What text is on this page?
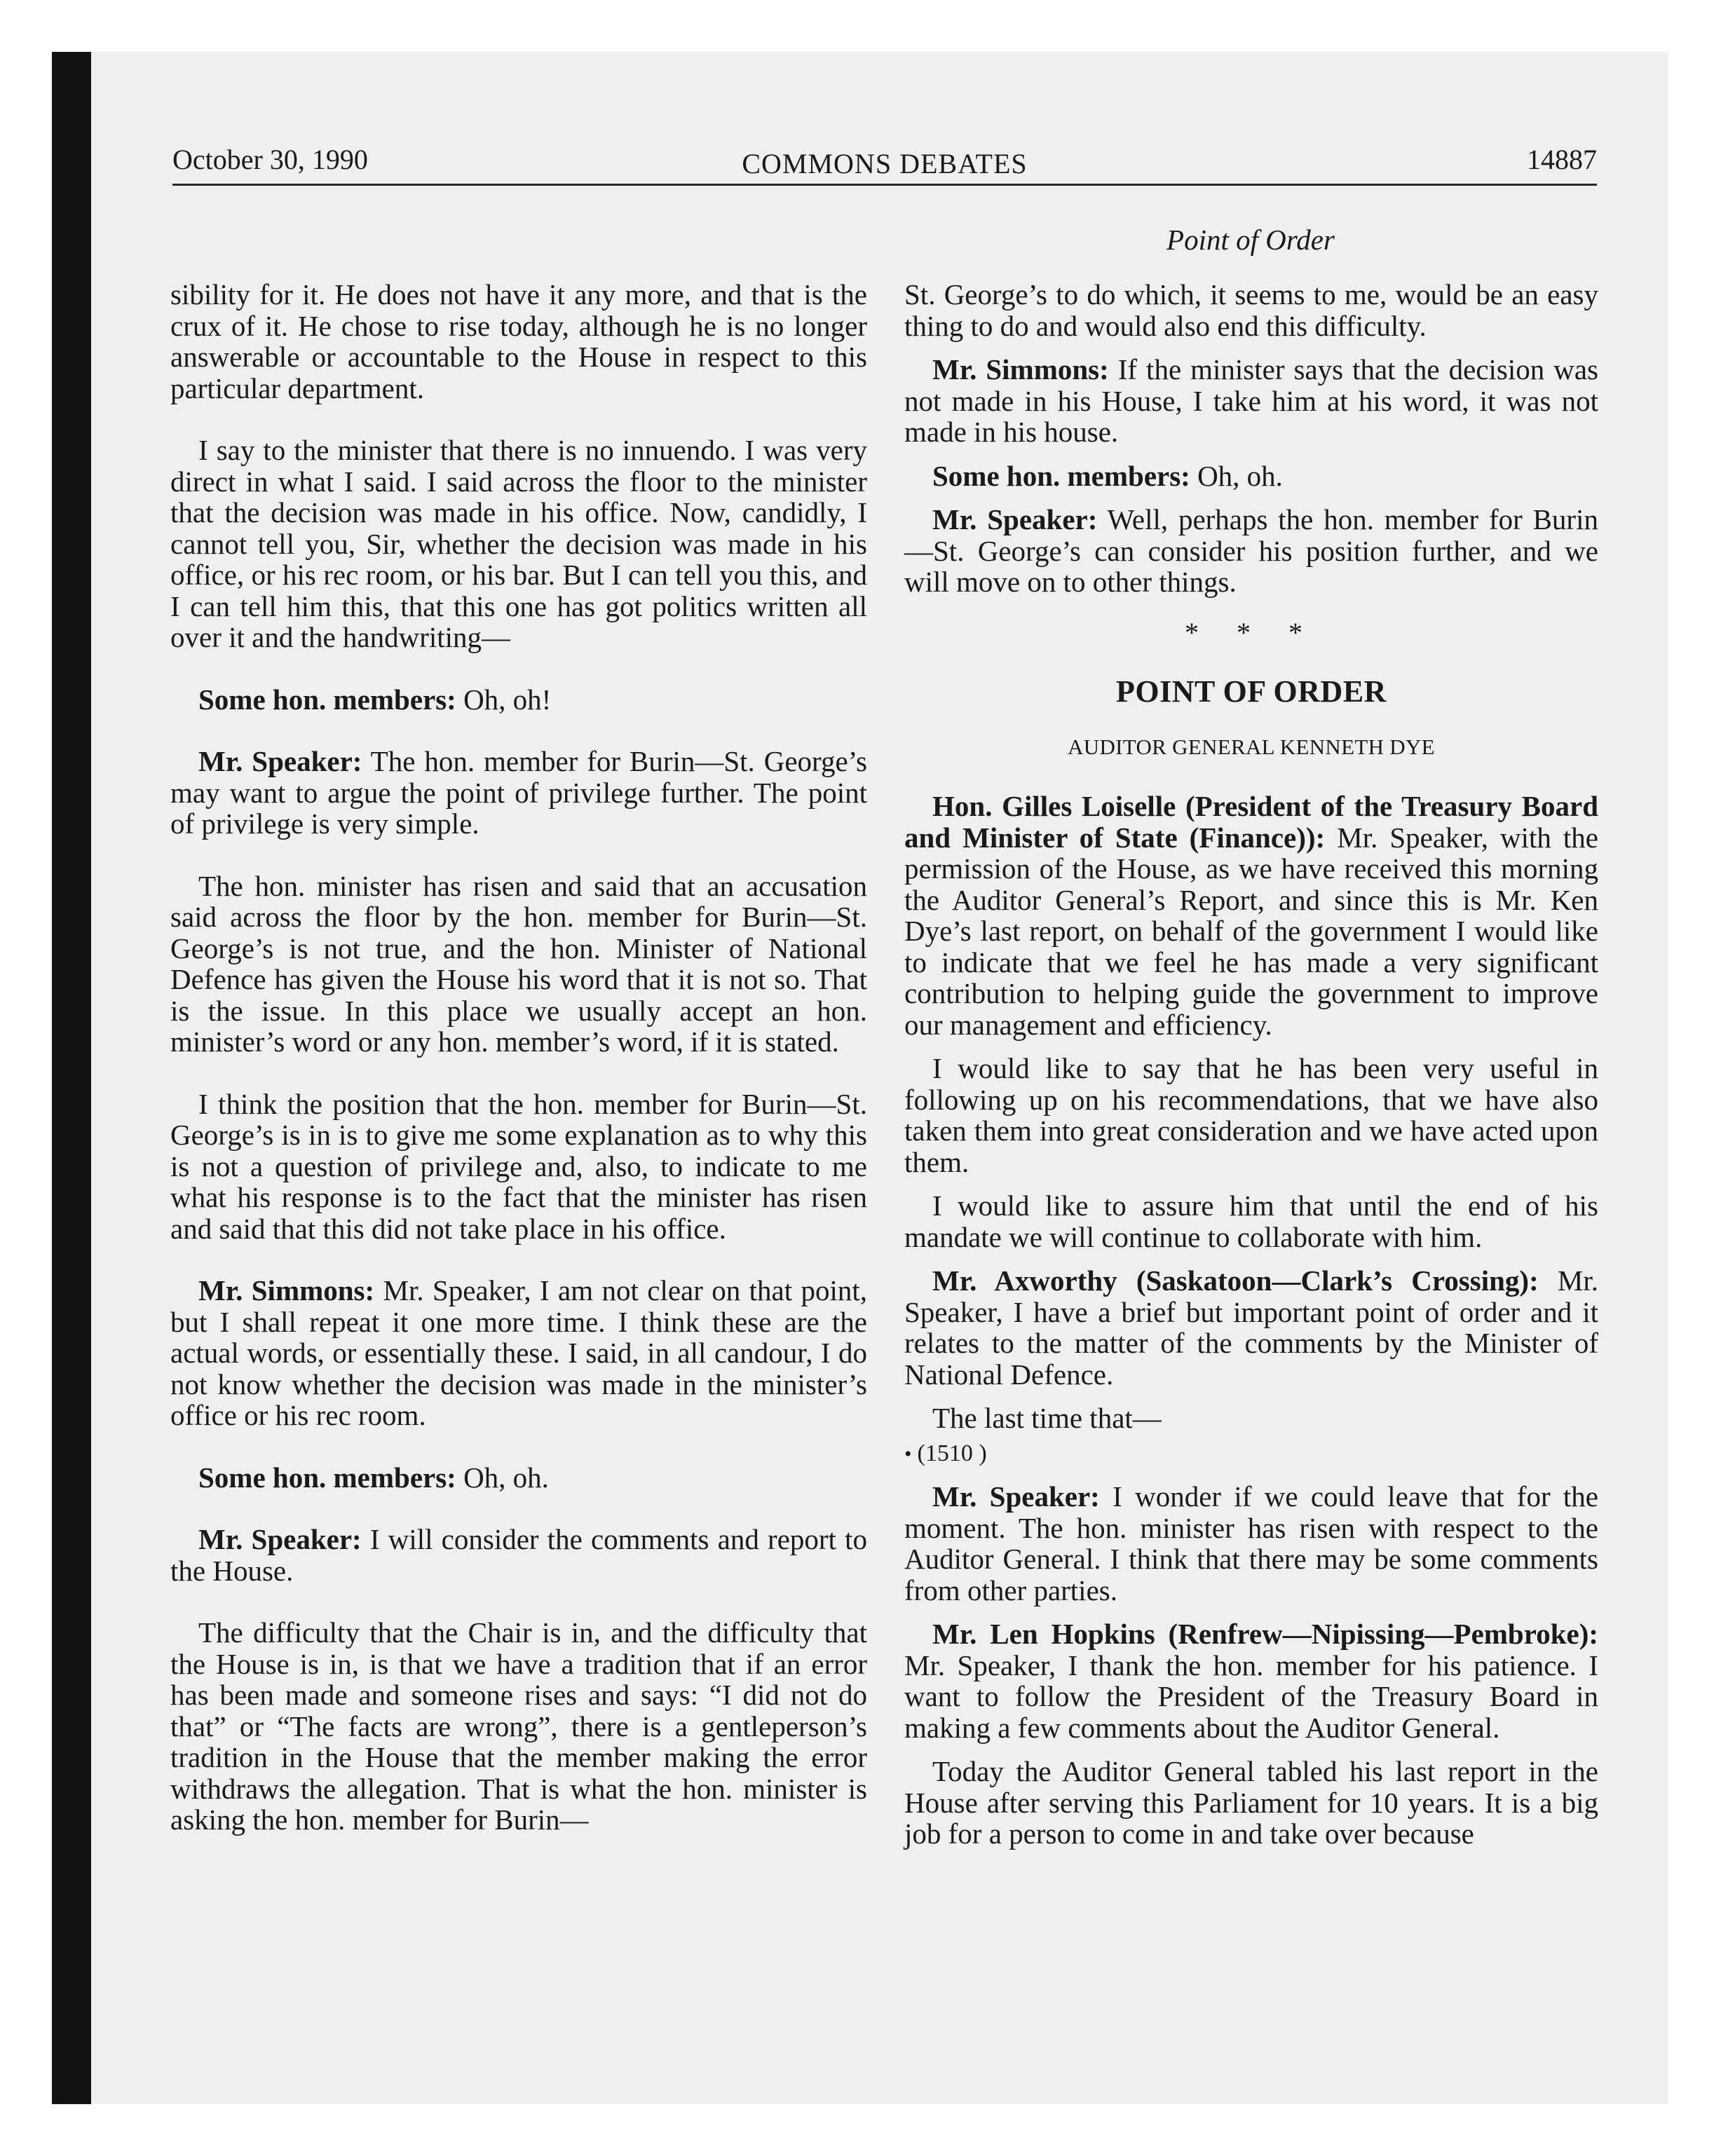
October 30, 1990	COMMONS DEBATES	14887
Point of Order

sibility for it. He does not have it any more, and that is the crux of it. He chose to rise today, although he is no longer answerable or accountable to the House in respect to this particular department.

I say to the minister that there is no innuendo. I was very direct in what I said. I said across the floor to the minister that the decision was made in his office. Now, candidly, I cannot tell you, Sir, whether the decision was made in his office, or his rec room, or his bar. But I can tell you this, and I can tell him this, that this one has got politics written all over it and the handwriting—

Some hon. members: Oh, oh!

Mr. Speaker: The hon. member for Burin—St. George’s may want to argue the point of privilege further. The point of privilege is very simple.

The hon. minister has risen and said that an accusation said across the floor by the hon. member for Burin—St. George’s is not true, and the hon. Minister of National Defence has given the House his word that it is not so. That is the issue. In this place we usually accept an hon. minister’s word or any hon. member’s word, if it is stated.

I think the position that the hon. member for Burin—St. George’s is in is to give me some explanation as to why this is not a question of privilege and, also, to indicate to me what his response is to the fact that the minister has risen and said that this did not take place in his office.

Mr. Simmons: Mr. Speaker, I am not clear on that point, but I shall repeat it one more time. I think these are the actual words, or essentially these. I said, in all candour, I do not know whether the decision was made in the minister’s office or his rec room.

Some hon. members: Oh, oh.

Mr. Speaker: I will consider the comments and report to the House.

The difficulty that the Chair is in, and the difficulty that the House is in, is that we have a tradition that if an error has been made and someone rises and says: “I did not do that” or “The facts are wrong”, there is a gentleperson’s tradition in the House that the member making the error withdraws the allegation. That is what the hon. minister is asking the hon. member for Burin—

St. George’s to do which, it seems to me, would be an easy thing to do and would also end this difficulty.

Mr. Simmons: If the minister says that the decision was not made in his House, I take him at his word, it was not made in his house.

Some hon. members: Oh, oh.

Mr. Speaker: Well, perhaps the hon. member for Burin—St. George’s can consider his position further, and we will move on to other things.

* * *
POINT OF ORDER
AUDITOR GENERAL KENNETH DYE

Hon. Gilles Loiselle (President of the Treasury Board and Minister of State (Finance)): Mr. Speaker, with the permission of the House, as we have received this morning the Auditor General’s Report, and since this is Mr. Ken Dye’s last report, on behalf of the government I would like to indicate that we feel he has made a very significant contribution to helping guide the government to improve our management and efficiency.

I would like to say that he has been very useful in following up on his recommendations, that we have also taken them into great consideration and we have acted upon them.

I would like to assure him that until the end of his mandate we will continue to collaborate with him.

Mr. Axworthy (Saskatoon—Clark’s Crossing): Mr. Speaker, I have a brief but important point of order and it relates to the matter of the comments by the Minister of National Defence.

The last time that—

• (1510 )

Mr. Speaker: I wonder if we could leave that for the moment. The hon. minister has risen with respect to the Auditor General. I think that there may be some comments from other parties.

Mr. Len Hopkins (Renfrew—Nipissing—Pembroke): Mr. Speaker, I thank the hon. member for his patience. I want to follow the President of the Treasury Board in making a few comments about the Auditor General.

Today the Auditor General tabled his last report in the House after serving this Parliament for 10 years. It is a big job for a person to come in and take over because
